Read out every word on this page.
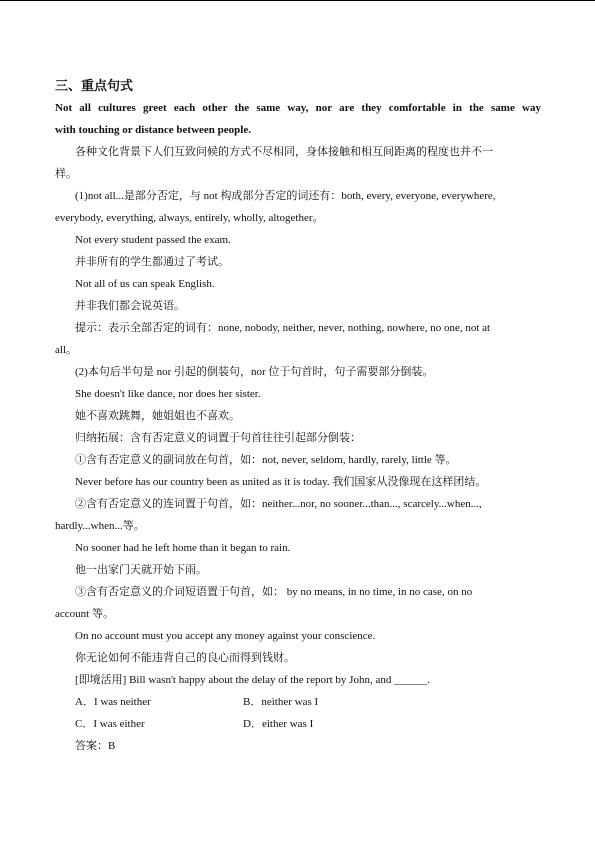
三、重点句式
Not all cultures greet each other the same way, nor are they comfortable in the same way
with touching or distance between people.
各种文化背景下人们互致问候的方式不尽相同，身体接触和相互间距离的程度也并不一
样。
(1)not all...是部分否定，与 not 构成部分否定的词还有：both, every, everyone, everywhere,
everybody, everything, always, entirely, wholly, altogether。
Not every student passed the exam.
并非所有的学生都通过了考试。
Not all of us can speak English.
并非我们都会说英语。
提示：表示全部否定的词有：none, nobody, neither, never, nothing, nowhere, no one, not at
all。
(2)本句后半句是 nor 引起的倒装句，nor 位于句首时，句子需要部分倒装。
She doesn't like dance, nor does her sister.
她不喜欢跳舞，她姐姐也不喜欢。
归纳拓展：含有否定意义的词置于句首往往引起部分倒装：
①含有否定意义的副词放在句首，如：not, never, seldom, hardly, rarely, little 等。
Never before has our country been as united as it is today. 我们国家从没像现在这样团结。
②含有否定意义的连词置于句首，如：neither...nor, no sooner...than..., scarcely...when...,
hardly...when...等。
No sooner had he left home than it began to rain.
他一出家门天就开始下雨。
③含有否定意义的介词短语置于句首，如： by no means, in no time, in no case, on no
account 等。
On no account must you accept any money against your conscience.
你无论如何不能违背自己的良心而得到钱财。
[即境活用] Bill wasn't happy about the delay of the report by John, and ______.
A．I was neither	B．neither was I
C．I was either	D．either was I
答案：B
